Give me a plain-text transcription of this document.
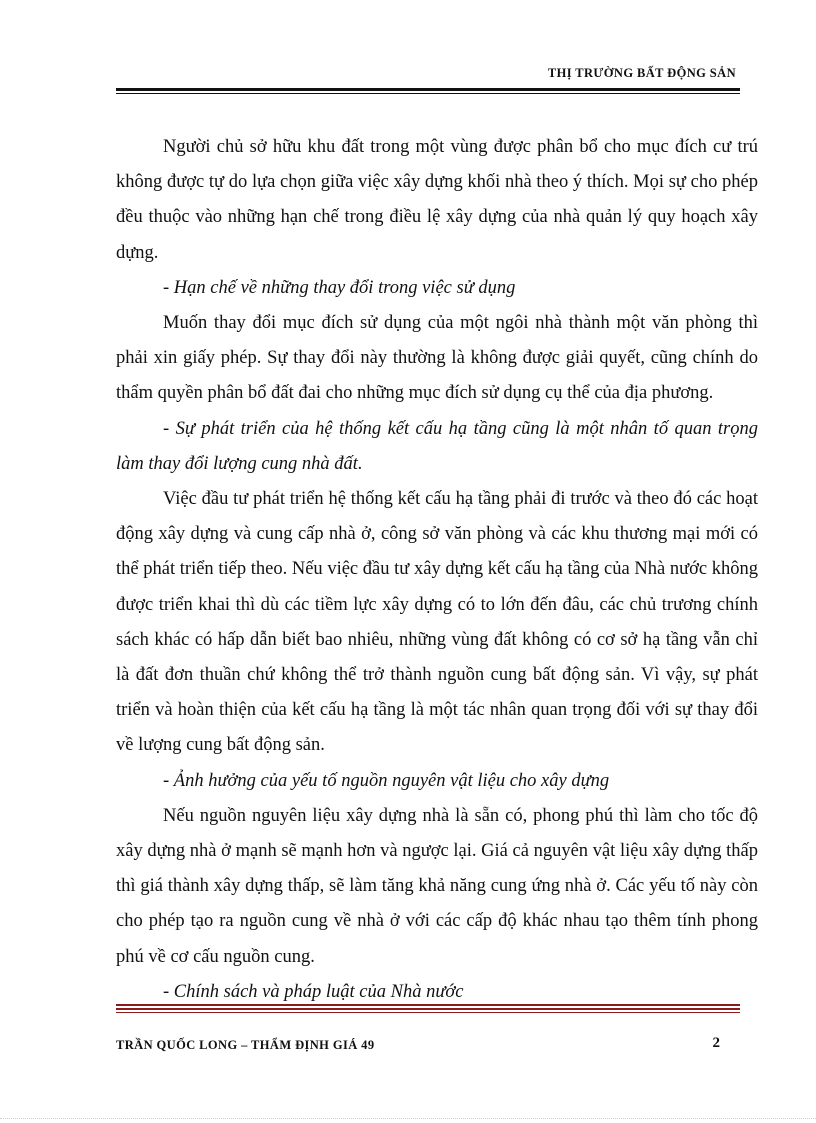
THỊ TRƯỜNG BẤT ĐỘNG SẢN

Người chủ sở hữu khu đất trong một vùng được phân bổ cho mục đích cư trú không được tự do lựa chọn giữa việc xây dựng khối nhà theo ý thích. Mọi sự cho phép đều thuộc vào những hạn chế trong điều lệ xây dựng của nhà quản lý quy hoạch xây dựng.

- Hạn chế về những thay đổi trong việc sử dụng

Muốn thay đổi mục đích sử dụng của một ngôi nhà thành một văn phòng thì phải xin giấy phép. Sự thay đổi này thường là không được giải quyết, cũng chính do thẩm quyền phân bổ đất đai cho những mục đích sử dụng cụ thể của địa phương.

- Sự phát triển của hệ thống kết cấu hạ tầng cũng là một nhân tố quan trọng làm thay đổi lượng cung nhà đất.

Việc đầu tư phát triển hệ thống kết cấu hạ tầng phải đi trước và theo đó các hoạt động xây dựng và cung cấp nhà ở, công sở văn phòng và các khu thương mại mới có thể phát triển tiếp theo. Nếu việc đầu tư xây dựng kết cấu hạ tầng của Nhà nước không được triển khai thì dù các tiềm lực xây dựng có to lớn đến đâu, các chủ trương chính sách khác có hấp dẫn biết bao nhiêu, những vùng đất không có cơ sở hạ tầng vẫn chỉ là đất đơn thuần chứ không thể trở thành nguồn cung bất động sản. Vì vậy, sự phát triển và hoàn thiện của kết cấu hạ tầng là một tác nhân quan trọng đối với sự thay đổi về lượng cung bất động sản.

- Ảnh hưởng của yếu tố nguồn nguyên vật liệu cho xây dựng

Nếu nguồn nguyên liệu xây dựng nhà là sẵn có, phong phú thì làm cho tốc độ xây dựng nhà ở mạnh sẽ mạnh hơn và ngược lại. Giá cả nguyên vật liệu xây dựng thấp thì giá thành xây dựng thấp, sẽ làm tăng khả năng cung ứng nhà ở. Các yếu tố này còn cho phép tạo ra nguồn cung về nhà ở với các cấp độ khác nhau tạo thêm tính phong phú về cơ cấu nguồn cung.

- Chính sách và pháp luật của Nhà nước

TRẦN QUỐC LONG – THẨM ĐỊNH GIÁ 49	2
